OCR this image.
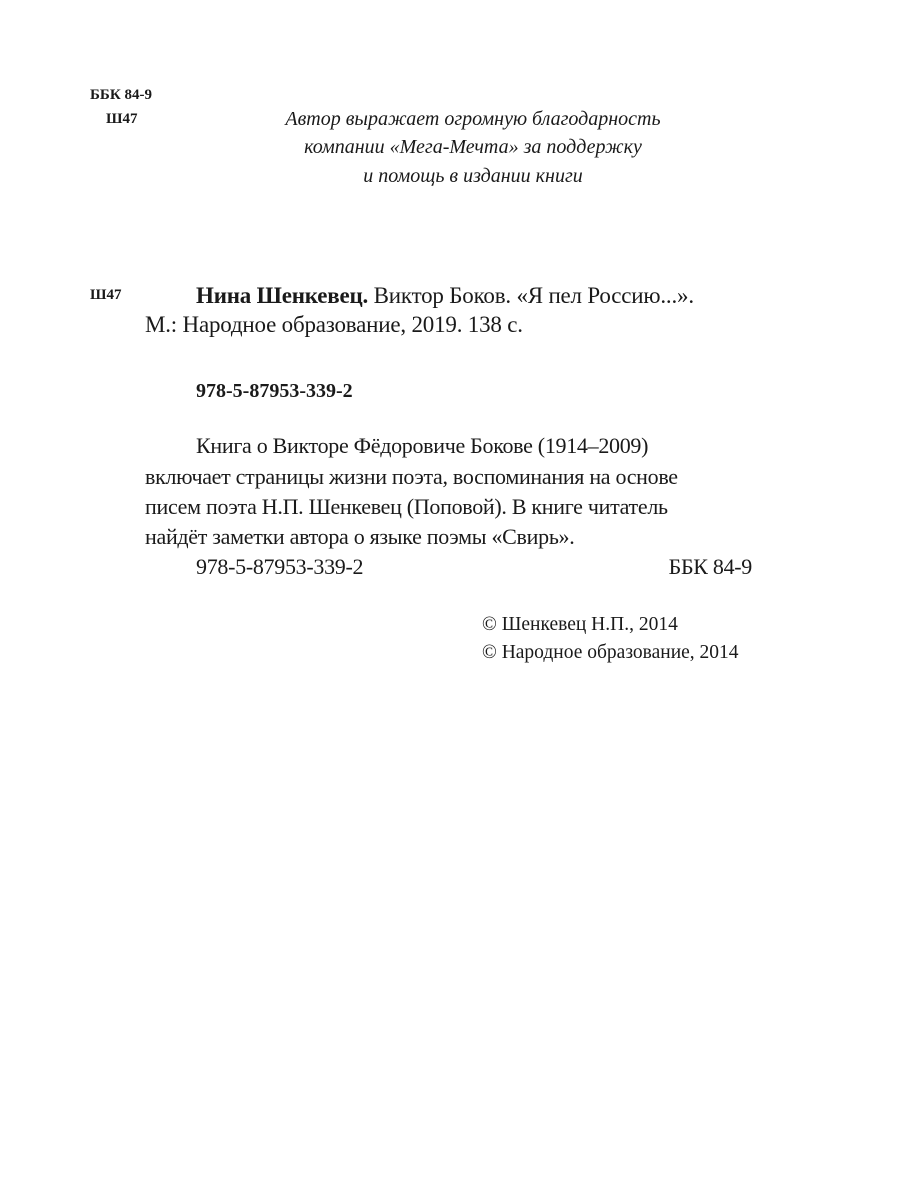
ББК 84-9
Ш47	Автор выражает огромную благодарность
компании «Мега-Мечта» за поддержку
и помощь в издании книги
Ш47	Нина Шенкевец. Виктор Боков. «Я пел Россию...».
М.: Народное образование, 2019. 138 с.
978-5-87953-339-2
Книга о Викторе Фёдоровиче Бокове (1914–2009)
включает страницы жизни поэта, воспоминания на основе
писем поэта Н.П. Шенкевец (Поповой). В книге читатель
найдёт заметки автора о языке поэмы «Свирь».
978-5-87953-339-2	ББК 84-9
© Шенкевец Н.П., 2014
© Народное образование, 2014
